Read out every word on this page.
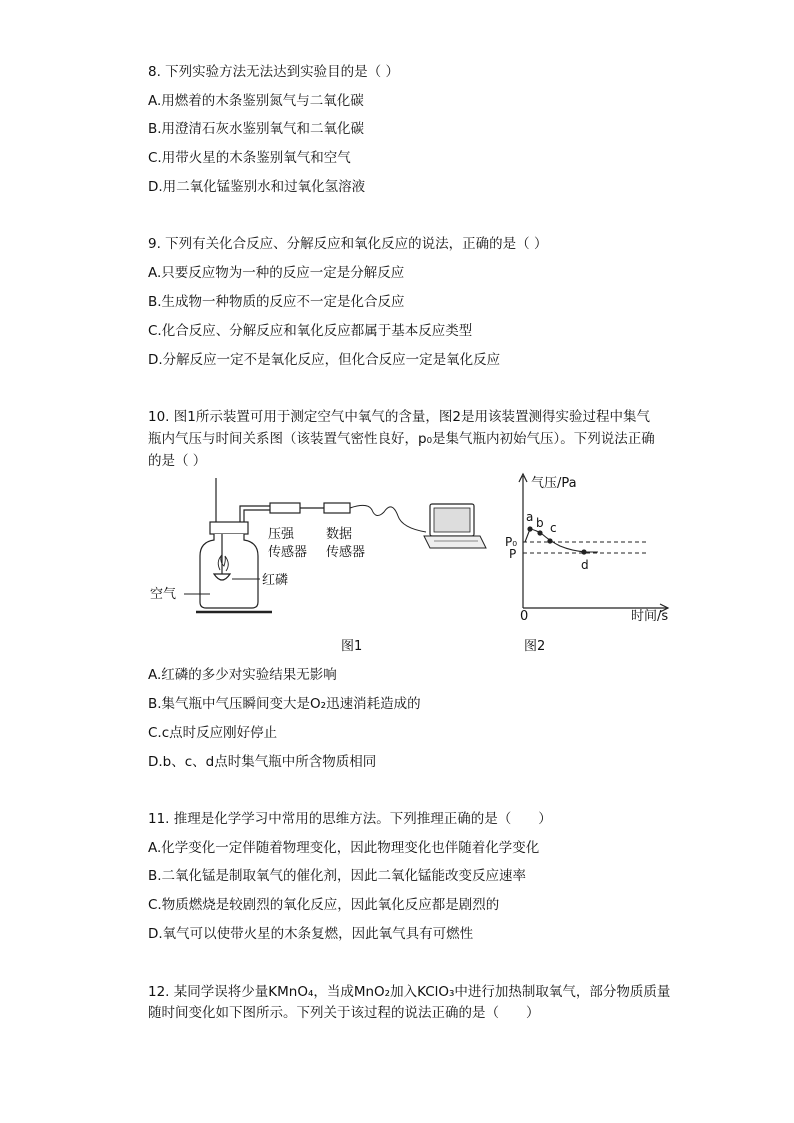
8. 下列实验方法无法达到实验目的是（ ）
A.用燃着的木条鉴别氮气与二氧化碳
B.用澄清石灰水鉴别氧气和二氧化碳
C.用带火星的木条鉴别氧气和空气
D.用二氧化锰鉴别水和过氧化氢溶液
9. 下列有关化合反应、分解反应和氧化反应的说法，正确的是（ ）
A.只要反应物为一种的反应一定是分解反应
B.生成物一种物质的反应不一定是化合反应
C.化合反应、分解反应和氧化反应都属于基本反应类型
D.分解反应一定不是氧化反应，但化合反应一定是氧化反应
10. 图1所示装置可用于测定空气中氧气的含量，图2是用该装置测得实验过程中集气
瓶内气压与时间关系图（该装置气密性良好，p₀是集气瓶内初始气压）。下列说法正确
的是（ ）
压强
传感器
数据
传感器
红磷
空气
a b c
d
气压/Pa
时间/s
0
P₀
P
图1	图2
A.红磷的多少对实验结果无影响
B.集气瓶中气压瞬间变大是O₂迅速消耗造成的
C.c点时反应刚好停止
D.b、c、d点时集气瓶中所含物质相同
11. 推理是化学学习中常用的思维方法。下列推理正确的是（　　）
A.化学变化一定伴随着物理变化，因此物理变化也伴随着化学变化
B.二氧化锰是制取氧气的催化剂，因此二氧化锰能改变反应速率
C.物质燃烧是较剧烈的氧化反应，因此氧化反应都是剧烈的
D.氧气可以使带火星的木条复燃，因此氧气具有可燃性
12. 某同学误将少量KMnO₄，当成MnO₂加入KClO₃中进行加热制取氧气，部分物质质量
随时间变化如下图所示。下列关于该过程的说法正确的是（　　）
